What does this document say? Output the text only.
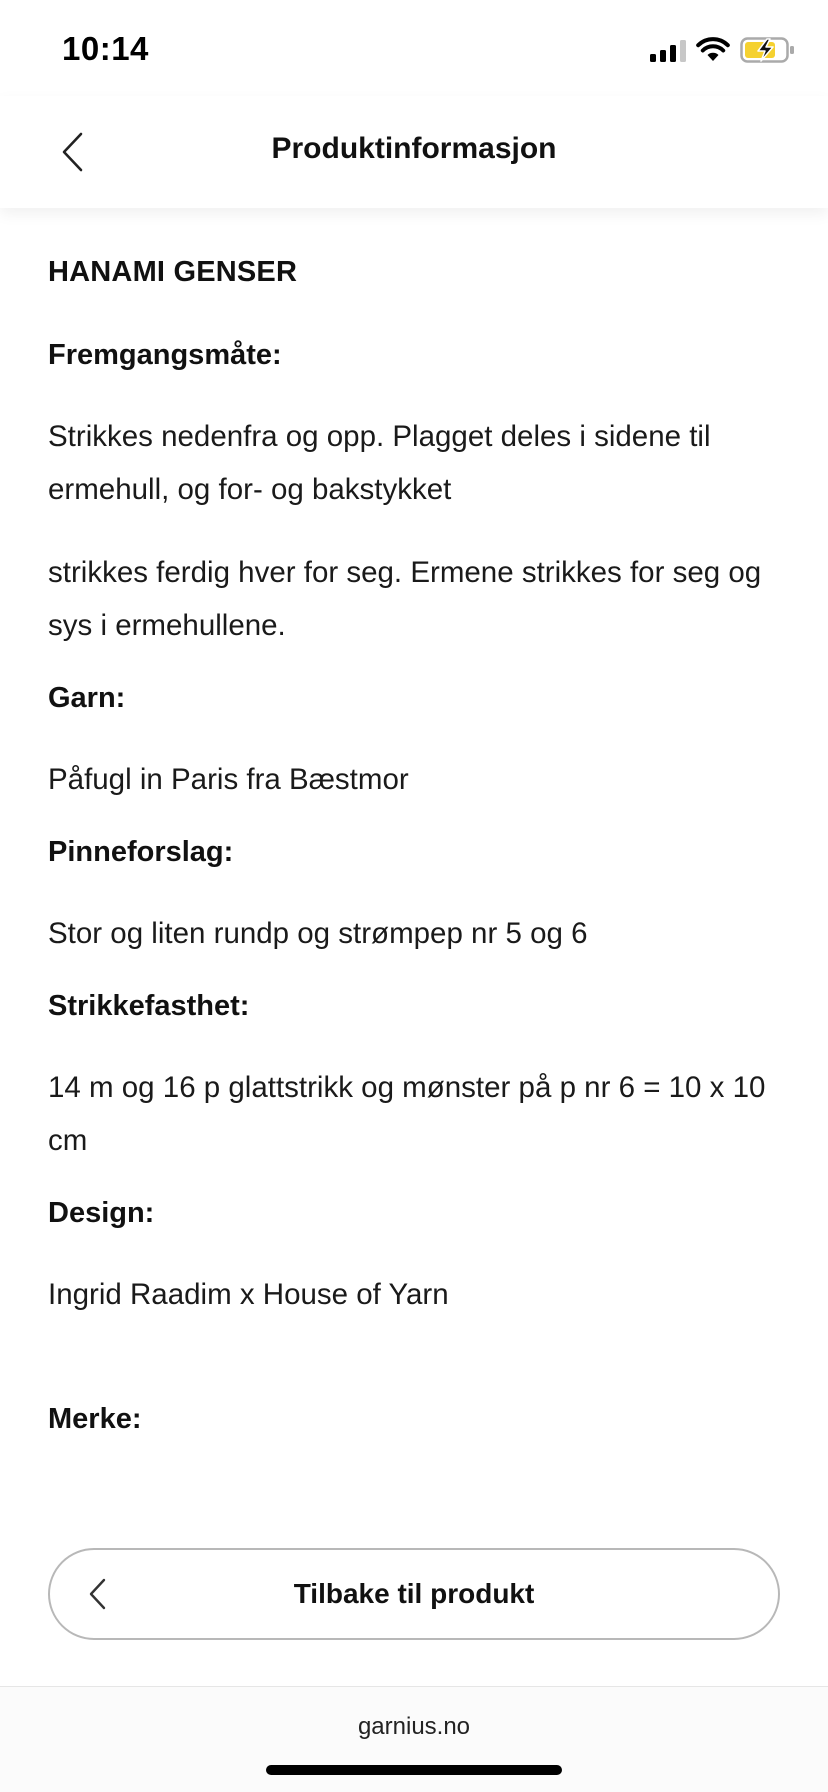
10:14
Produktinformasjon
HANAMI GENSER
Fremgangsmåte:

Strikkes nedenfra og opp. Plagget deles i sidene til ermehull, og for- og bakstykket

strikkes ferdig hver for seg. Ermene strikkes for seg og sys i ermehullene.

Garn:

Påfugl in Paris fra Bæstmor

Pinneforslag:

Stor og liten rundp og strømpep nr 5 og 6

Strikkefasthet:

14 m og 16 p glattstrikk og mønster på p nr 6 = 10 x 10 cm

Design:

Ingrid Raadim x House of Yarn

Merke:
Tilbake til produkt
garnius.no
